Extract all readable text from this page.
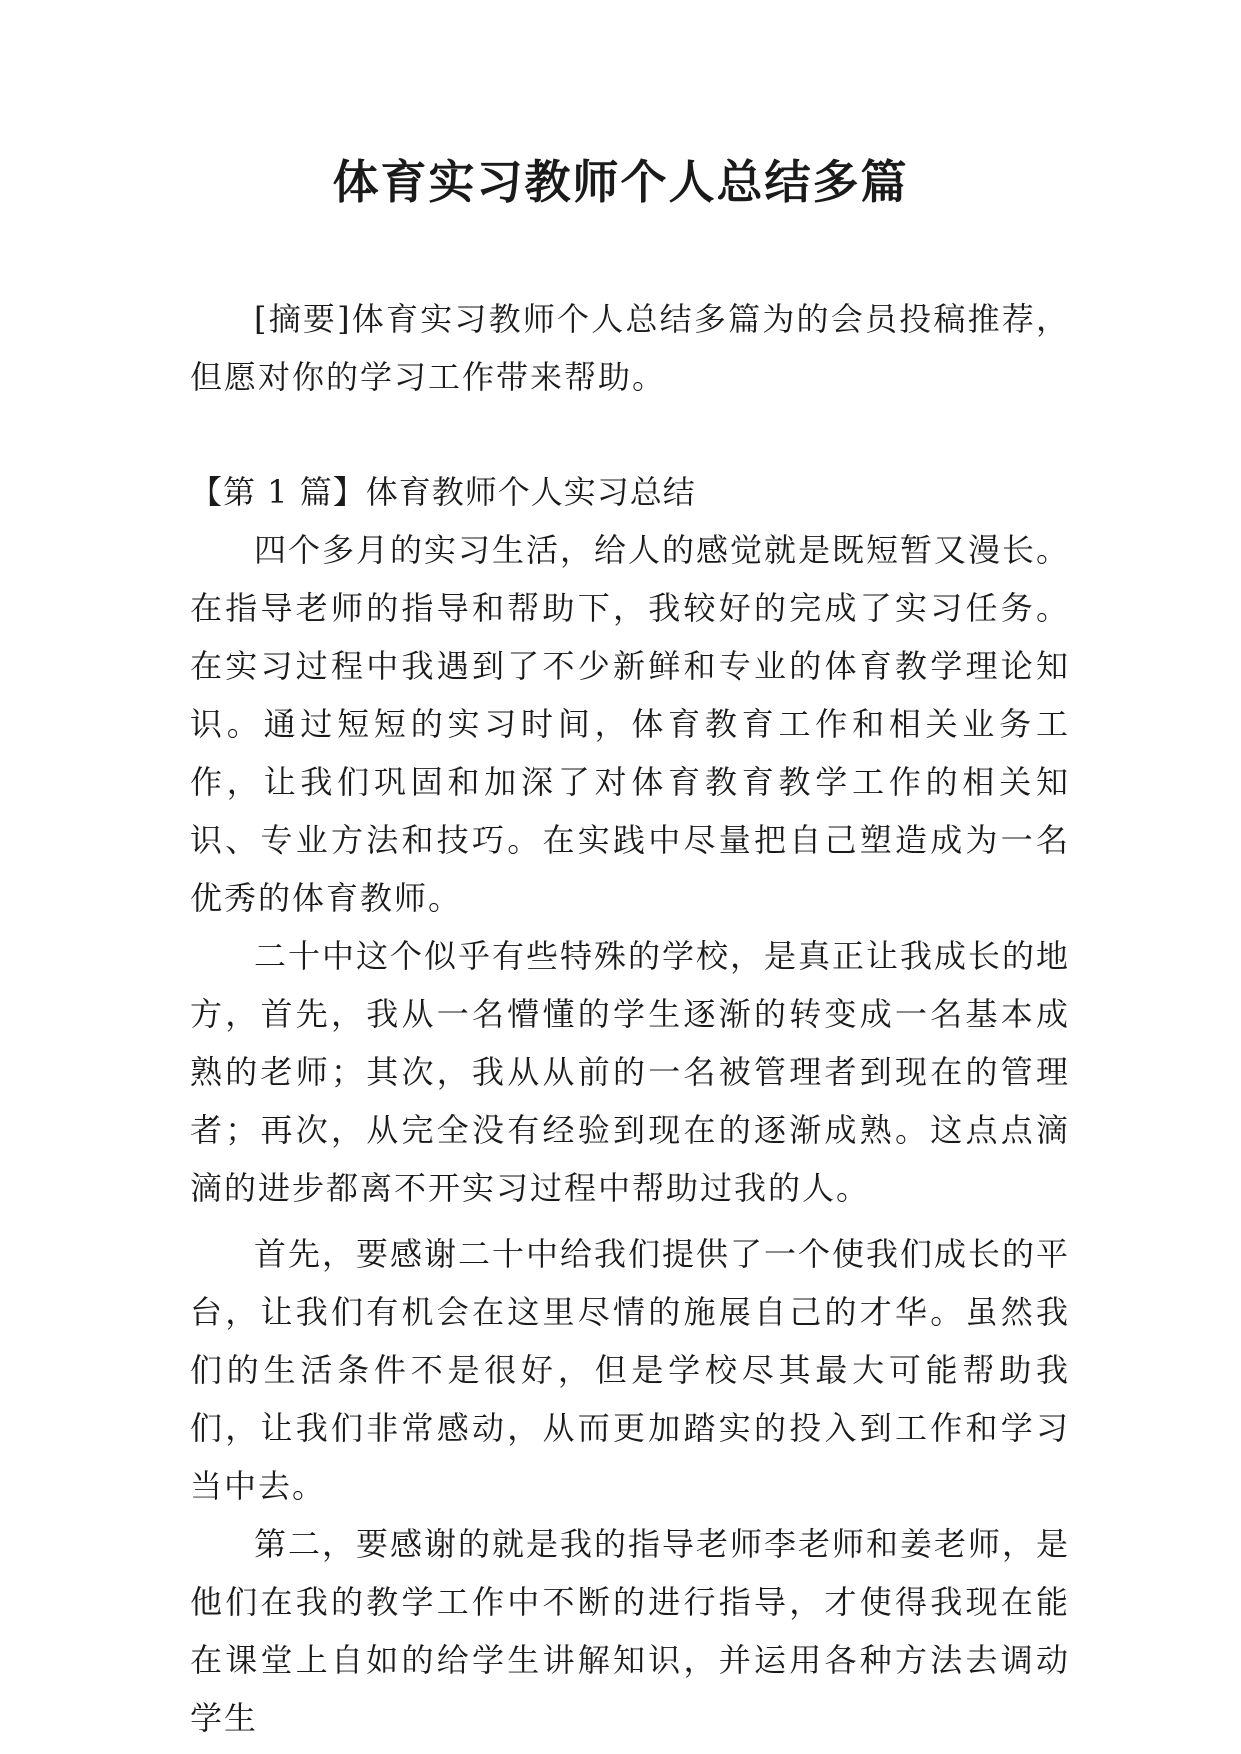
体育实习教师个人总结多篇
[摘要]体育实习教师个人总结多篇为的会员投稿推荐，但愿对你的学习工作带来帮助。

【第 1 篇】体育教师个人实习总结

四个多月的实习生活，给人的感觉就是既短暂又漫长。在指导老师的指导和帮助下，我较好的完成了实习任务。在实习过程中我遇到了不少新鲜和专业的体育教学理论知识。通过短短的实习时间，体育教育工作和相关业务工作，让我们巩固和加深了对体育教育教学工作的相关知识、专业方法和技巧。在实践中尽量把自己塑造成为一名优秀的体育教师。

二十中这个似乎有些特殊的学校，是真正让我成长的地方，首先，我从一名懵懂的学生逐渐的转变成一名基本成熟的老师；其次，我从从前的一名被管理者到现在的管理者；再次，从完全没有经验到现在的逐渐成熟。这点点滴滴的进步都离不开实习过程中帮助过我的人。

首先，要感谢二十中给我们提供了一个使我们成长的平台，让我们有机会在这里尽情的施展自己的才华。虽然我们的生活条件不是很好，但是学校尽其最大可能帮助我们，让我们非常感动，从而更加踏实的投入到工作和学习当中去。

第二，要感谢的就是我的指导老师李老师和姜老师，是他们在我的教学工作中不断的进行指导，才使得我现在能在课堂上自如的给学生讲解知识，并运用各种方法去调动学生
